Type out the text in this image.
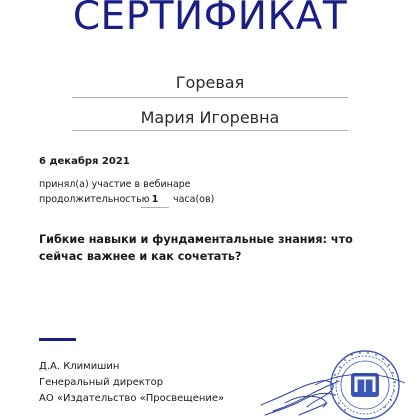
СЕРТИФИКАТ
Горевая
Мария Игоревна
6 декабря 2021
принял(а) участие в вебинаре
продолжительностью 1	часа(ов)
Гибкие навыки и фундаментальные знания: что сейчас важнее и как сочетать?
Д.А. Климишин
Генеральный директор
АО «Издательство «Просвещение»
